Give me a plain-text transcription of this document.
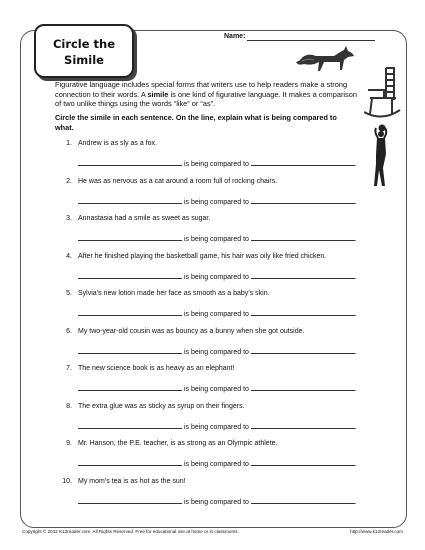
Circle the
Simile
Name:
Figurative language includes special forms that writers use to help readers make a strong connection to their words. A simile is one kind of figurative language. It makes a comparison of two unlike things using the words “like” or “as”.
Circle the simile in each sentence. On the line, explain what is being compared to what.
1. Andrew is as sly as a fox.
is being compared to	.
2. He was as nervous as a cat around a room full of rocking chairs.
is being compared to	.
3. Annastasia had a smile as sweet as sugar.
is being compared to	.
4. After he finished playing the basketball game, his hair was oily like fried chicken.
is being compared to	.
5. Sylvia’s new lotion made her face as smooth as a baby’s skin.
is being compared to	.
6. My two-year-old cousin was as bouncy as a bunny when she got outside.
is being compared to	.
7. The new science book is as heavy as an elephant!
is being compared to	.
8. The extra glue was as sticky as syrup on their fingers.
is being compared to	.
9. Mr. Hanson, the P.E. teacher, is as strong as an Olympic athlete.
is being compared to	.
10. My mom’s tea is as hot as the sun!
is being compared to	.
Copyright © 2012 K12reader.com. All Rights Reserved. Free for educational use at home or in classrooms.	http://www.k12reader.com
